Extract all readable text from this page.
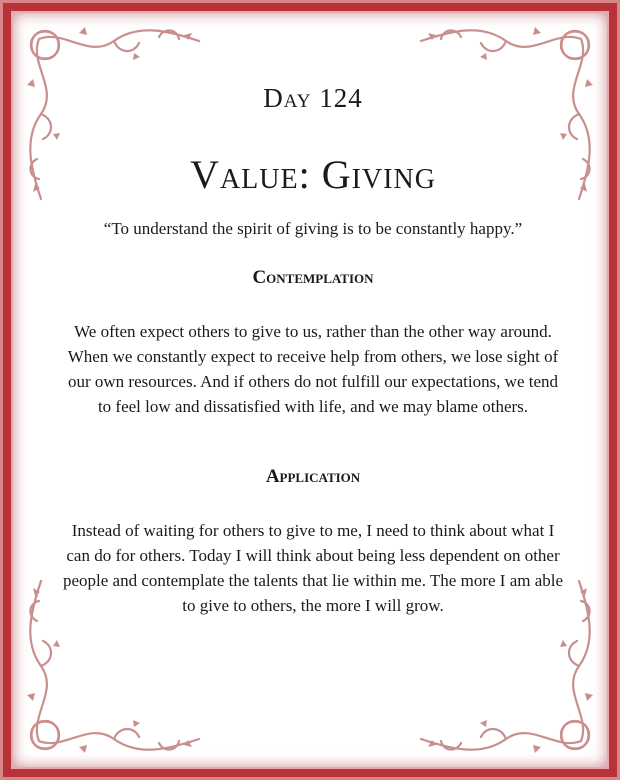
Day 124
Value: Giving
“To understand the spirit of giving is to be constantly happy.”
Contemplation
We often expect others to give to us, rather than the other way around. When we constantly expect to receive help from others, we lose sight of our own resources. And if others do not fulfill our expectations, we tend to feel low and dissatisfied with life, and we may blame others.
Application
Instead of waiting for others to give to me, I need to think about what I can do for others. Today I will think about being less dependent on other people and contemplate the talents that lie within me. The more I am able to give to others, the more I will grow.
